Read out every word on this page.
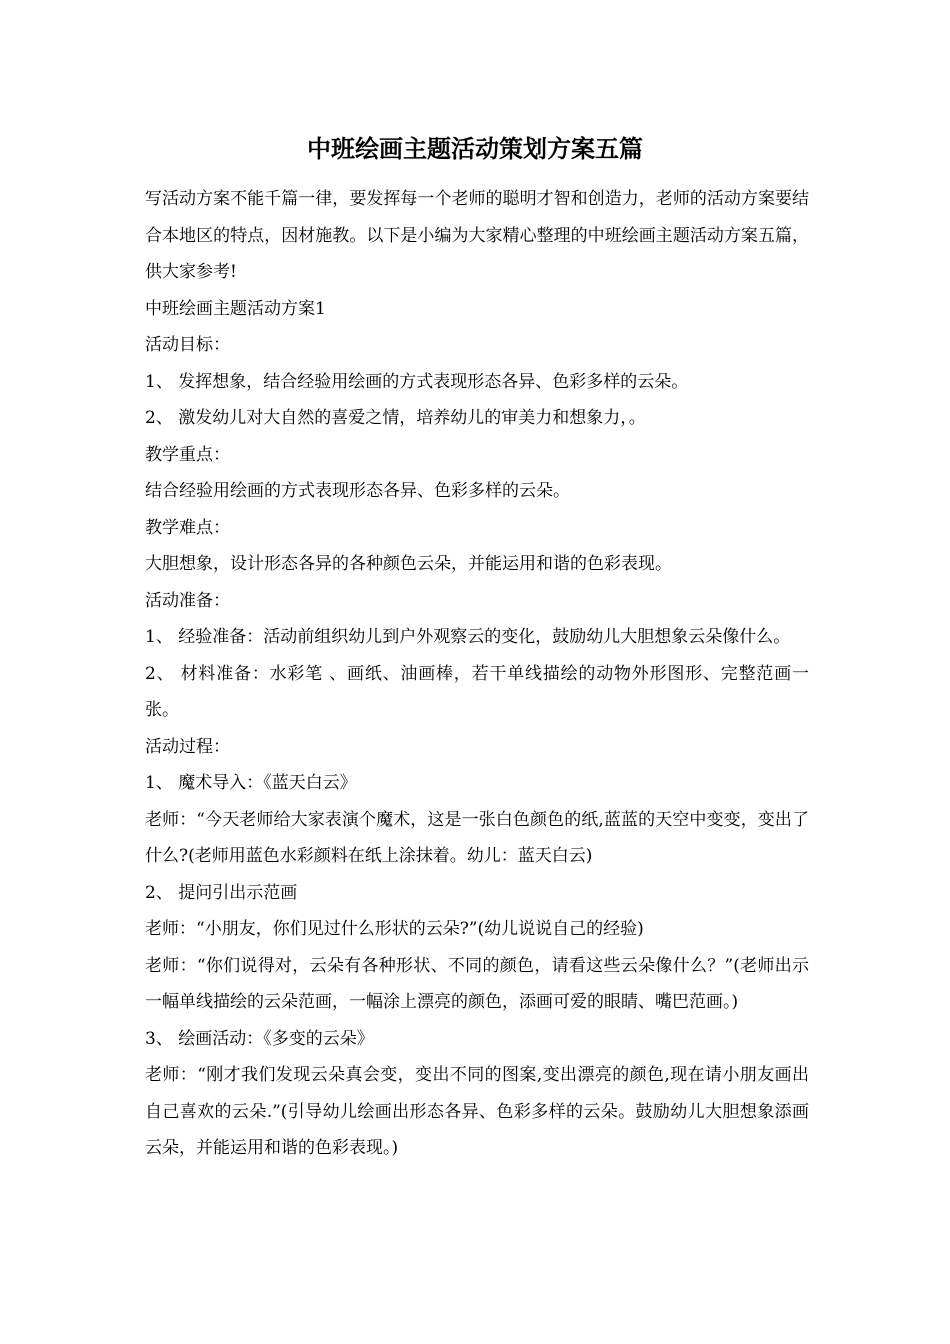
中班绘画主题活动策划方案五篇

写活动方案不能千篇一律，要发挥每一个老师的聪明才智和创造力，老师的活动方案要结合本地区的特点，因材施教。以下是小编为大家精心整理的中班绘画主题活动方案五篇，供大家参考!

中班绘画主题活动方案1

活动目标：

1、 发挥想象，结合经验用绘画的方式表现形态各异、色彩多样的云朵。

2、 激发幼儿对大自然的喜爱之情，培养幼儿的审美力和想象力，。

教学重点：

结合经验用绘画的方式表现形态各异、色彩多样的云朵。

教学难点：

大胆想象，设计形态各异的各种颜色云朵，并能运用和谐的色彩表现。

活动准备：

1、 经验准备：活动前组织幼儿到户外观察云的变化，鼓励幼儿大胆想象云朵像什么。

2、 材料准备：水彩笔 、画纸、油画棒，若干单线描绘的动物外形图形、完整范画一张。

活动过程：

1、 魔术导入：《蓝天白云》

老师：“今天老师给大家表演个魔术，这是一张白色颜色的纸,蓝蓝的天空中变变，变出了什么?(老师用蓝色水彩颜料在纸上涂抹着。幼儿：蓝天白云)

2、 提问引出示范画

老师：“小朋友，你们见过什么形状的云朵?”(幼儿说说自己的经验)

老师：“你们说得对，云朵有各种形状、不同的颜色，请看这些云朵像什么？”(老师出示一幅单线描绘的云朵范画，一幅涂上漂亮的颜色，添画可爱的眼睛、嘴巴范画。)

3、 绘画活动：《多变的云朵》

老师：“刚才我们发现云朵真会变，变出不同的图案,变出漂亮的颜色,现在请小朋友画出自己喜欢的云朵.”(引导幼儿绘画出形态各异、色彩多样的云朵。鼓励幼儿大胆想象添画云朵，并能运用和谐的色彩表现。)
